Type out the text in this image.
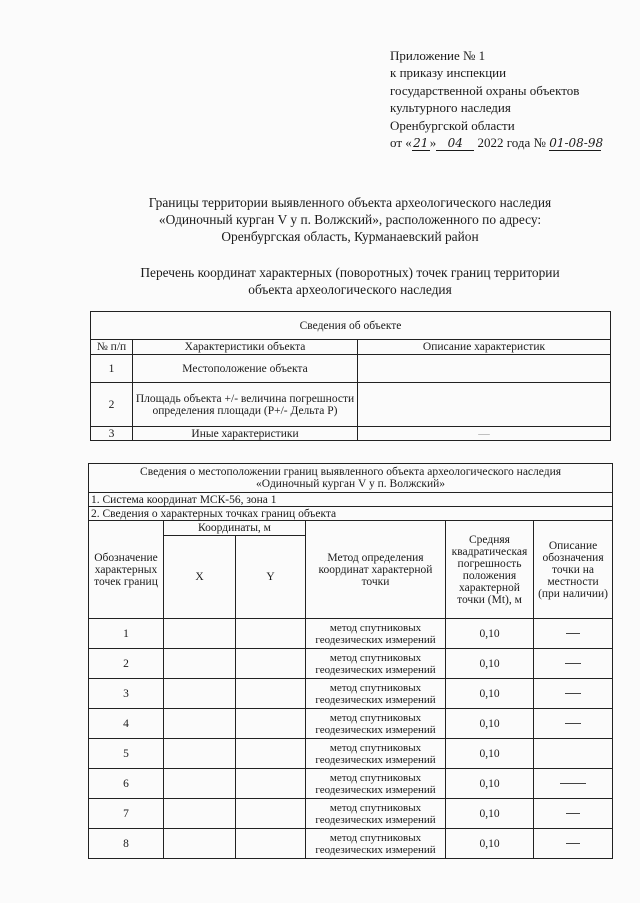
Приложение № 1
к приказу инспекции
государственной охраны объектов
культурного наследия
Оренбургской области
от «21» 04 2022 года № 01-08-98
Границы территории выявленного объекта археологического наследия
«Одиночный курган V у п. Волжский», расположенного по адресу:
Оренбургская область, Курманаевский район
Перечень координат характерных (поворотных) точек границ территории
объекта археологического наследия
Сведения об объекте		
№ п/п	Характеристики объекта	Описание характеристик
1	Местоположение объекта	
2	Площадь объекта +/- величина погрешности определения площади (Р+/- Дельта Р)	
3	Иные характеристики	—
Сведения о местоположении границ выявленного объекта археологического наследия
«Одиночный курган V у п. Волжский»					

1. Система координат МСК-56, зона 1					
2. Сведения о характерных точках границ объекта					
Обозначение характерных точек границ	Координаты, м		Метод определения координат характерной точки	Средняя квадратическая погрешность положения характерной точки (Mt), м	Описание обозначения точки на местности (при наличии)
	X	Y			
1			метод спутниковых геодезических измерений	0,10	
2			метод спутниковых геодезических измерений	0,10	
3			метод спутниковых геодезических измерений	0,10	
4			метод спутниковых геодезических измерений	0,10	
5			метод спутниковых геодезических измерений	0,10	
6			метод спутниковых геодезических измерений	0,10	
7			метод спутниковых геодезических измерений	0,10	
8			метод спутниковых геодезических измерений	0,10	
